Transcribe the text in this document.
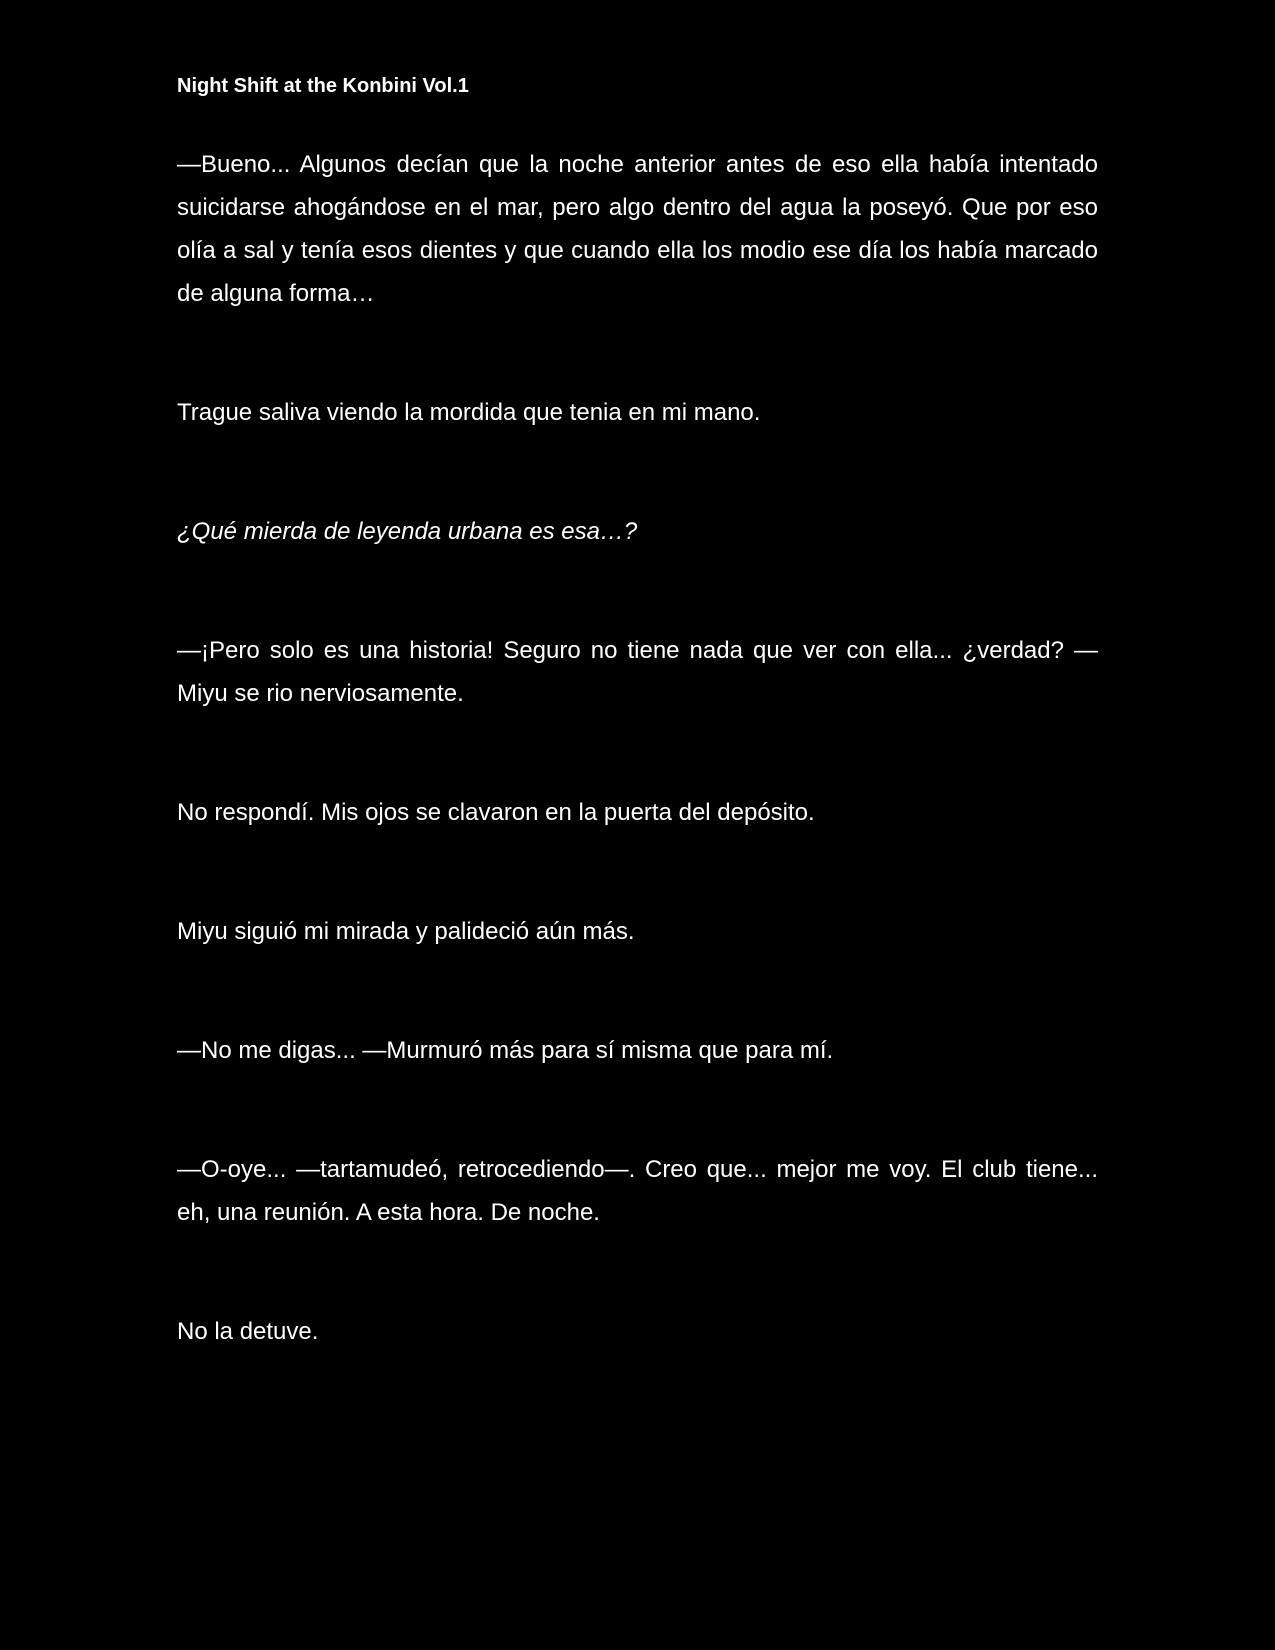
Night Shift at the Konbini Vol.1

—Bueno... Algunos decían que la noche anterior antes de eso ella había intentado suicidarse ahogándose en el mar, pero algo dentro del agua la poseyó. Que por eso olía a sal y tenía esos dientes y que cuando ella los modio ese día los había marcado de alguna forma…

Trague saliva viendo la mordida que tenia en mi mano.

¿Qué mierda de leyenda urbana es esa…?

—¡Pero solo es una historia! Seguro no tiene nada que ver con ella... ¿verdad? —Miyu se rio nerviosamente.

No respondí. Mis ojos se clavaron en la puerta del depósito.

Miyu siguió mi mirada y palideció aún más.

—No me digas... —Murmuró más para sí misma que para mí.

—O-oye... —tartamudeó, retrocediendo—. Creo que... mejor me voy. El club tiene... eh, una reunión. A esta hora. De noche.

No la detuve.
